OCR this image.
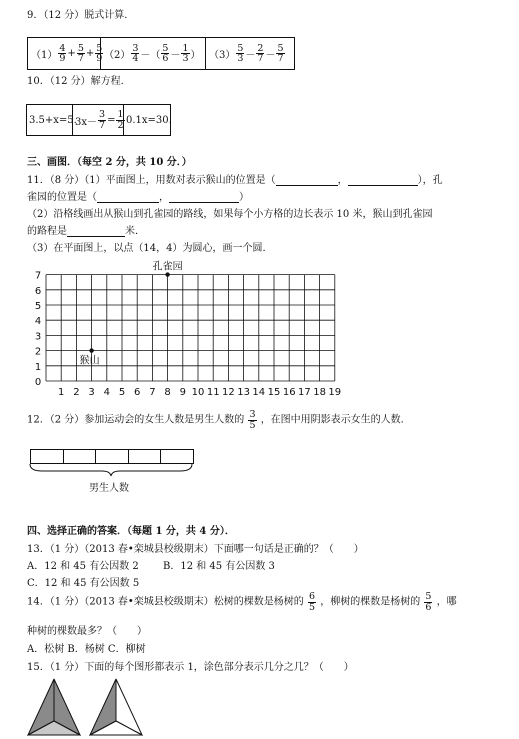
9．（12 分）脱式计算．
$(1) \frac{4}{9} + \frac{5}{7} + \frac{5}{9} (2) \frac{3}{4}$ －（ $\frac{5}{6} - \frac{1}{3}$ ） $(3) \frac{5}{3} - \frac{2}{7} - \frac{5}{7}$
10．（12 分）解方程．
3.5+x=5.
$3x- \frac{3}{7} = \frac{1}{2} 0.1x=30$.
三、画图．（每空 2 分，共 10 分．）
11．（8 分）（1）平面图上，用数对表示猴山的位置是（	，	），孔
雀园的位置是（	，	）
（2）沿格线画出从猴山到孔雀园的路线，如果每个小方格的边长表示 10 米，猴山到孔雀园
的路程是	米．
（3）在平面图上，以点（14，4）为圆心，画一个圆．
1 2 3 4 5 6 7 8 9 10 11 12 13 14 15 16 17 18 19
0
1
2
3
4
5
6
7
孔雀园
猴山
12．（2 分）参加运动会的女生人数是男生人数的 $\frac{3}{5}$ ，在图中用阴影表示女生的人数．
男生人数
四、选择正确的答案．（每题 1 分，共 4 分）．
13．（1 分）（2013 春•栾城县校级期末）下面哪一句话是正确的？（　　）
A．12 和 45 有公因数 2 B．12 和 45 有公因数 3
C．12 和 45 有公因数 5
14．（1 分）（2013 春•栾城县校级期末）松树的棵数是杨树的 $\frac{6}{5}$ ，柳树的棵数是杨树的 $\frac{5}{6}$ ，哪
种树的棵数最多？（　　）
A．松树 B．杨树 C．柳树
15．（1 分）下面的每个图形都表示 1，涂色部分表示几分之几？（　　）
